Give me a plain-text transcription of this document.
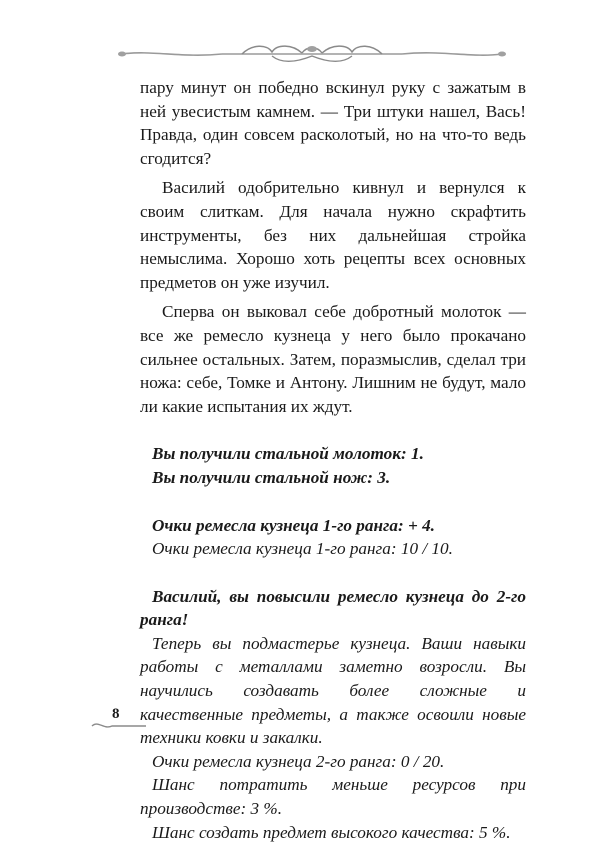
пару минут он победно вскинул руку с зажатым в ней увесистым камнем. — Три штуки нашел, Вась! Правда, один совсем расколотый, но на что-то ведь сгодится?

Василий одобрительно кивнул и вернулся к своим слиткам. Для начала нужно скрафтить инструменты, без них дальнейшая стройка немыслима. Хорошо хоть рецепты всех основных предметов он уже изучил.

Сперва он выковал себе добротный молоток — все же ремесло кузнеца у него было прокачано сильнее остальных. Затем, поразмыслив, сделал три ножа: себе, Томке и Антону. Лишним не будут, мало ли какие испытания их ждут.

Вы получили стальной молоток: 1.

Вы получили стальной нож: 3.

Очки ремесла кузнеца 1-го ранга: + 4.

Очки ремесла кузнеца 1-го ранга: 10 / 10.

Василий, вы повысили ремесло кузнеца до 2-го ранга!

Теперь вы подмастерье кузнеца. Ваши навыки работы с металлами заметно возросли. Вы научились создавать более сложные и качественные предметы, а также освоили новые техники ковки и закалки.

Очки ремесла кузнеца 2-го ранга: 0 / 20.

Шанс потратить меньше ресурсов при производстве: 3 %.

Шанс создать предмет высокого качества: 5 %.

8
